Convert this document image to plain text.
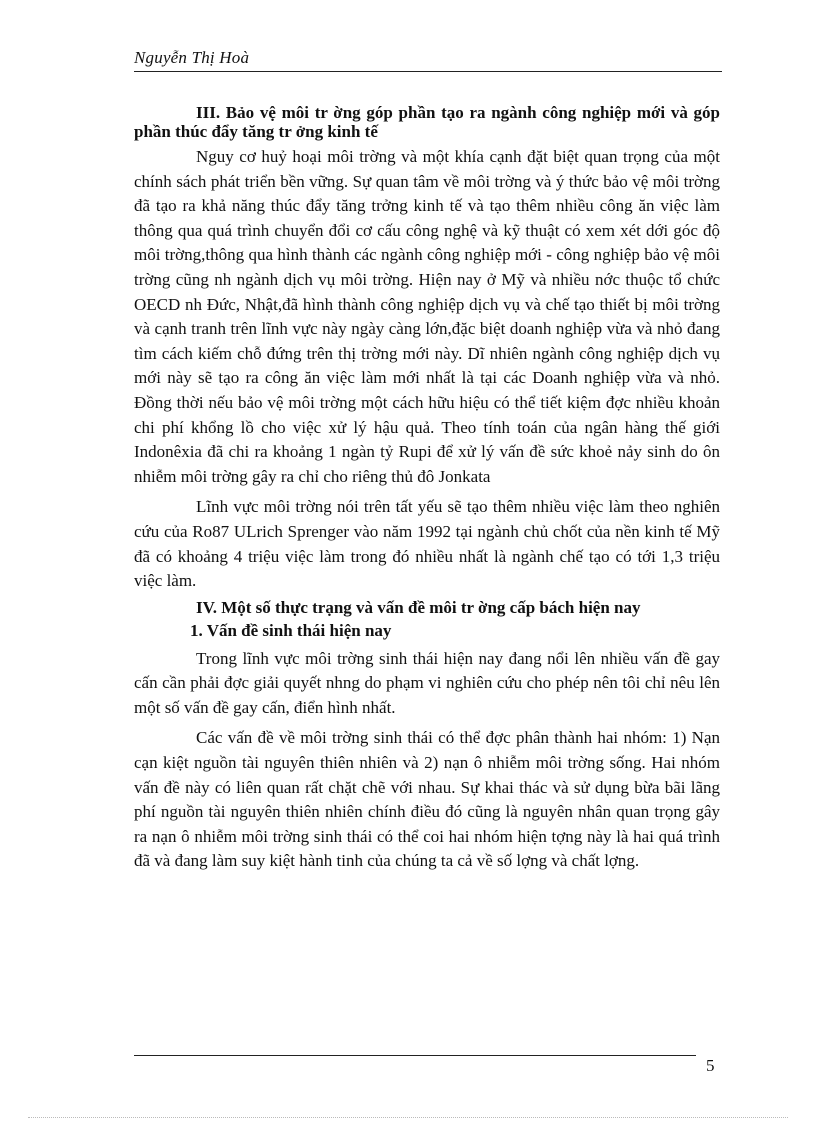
Nguyễn Thị Hoà
III. Bảo vệ môi tr ờng góp phần tạo ra ngành công nghiệp mới và góp phần thúc đẩy tăng tr ởng kinh tế

Nguy cơ huỷ hoại môi trờng và một khía cạnh đặt biệt quan trọng của một chính sách phát triển bền vững. Sự quan tâm về môi trờng và ý thức bảo vệ môi trờng đã tạo ra khả năng thúc đẩy tăng trởng kinh tế và tạo thêm nhiều công ăn việc làm thông qua quá trình chuyển đổi cơ cấu công nghệ và kỹ thuật có xem xét dới góc độ môi trờng,thông qua hình thành các ngành công nghiệp mới - công nghiệp bảo vệ môi trờng cũng nh ngành dịch vụ môi trờng. Hiện nay ở Mỹ và nhiều nớc thuộc tổ chức OECD nh Đức, Nhật,đã hình thành công nghiệp dịch vụ và chế tạo thiết bị môi trờng và cạnh tranh trên lĩnh vực này ngày càng lớn,đặc biệt doanh nghiệp vừa và nhỏ đang tìm cách kiếm chỗ đứng trên thị trờng mới này. Dĩ nhiên ngành công nghiệp dịch vụ mới này sẽ tạo ra công ăn việc làm mới nhất là tại các Doanh nghiệp vừa và nhỏ. Đồng thời nếu bảo vệ môi trờng một cách hữu hiệu có thể tiết kiệm đợc nhiều khoản chi phí khổng lồ cho việc xử lý hậu quả. Theo tính toán của ngân hàng thế giới Indonêxia đã chi ra khoảng 1 ngàn tỷ Rupi để xử lý vấn đề sức khoẻ nảy sinh do ôn nhiễm môi trờng gây ra chỉ cho riêng thủ đô Jonkata

Lĩnh vực môi trờng nói trên tất yếu sẽ tạo thêm nhiều việc làm theo nghiên cứu của Ro87 ULrich Sprenger vào năm 1992 tại ngành chủ chốt của nền kinh tế Mỹ đã có khoảng 4 triệu việc làm trong đó nhiều nhất là ngành chế tạo có tới 1,3 triệu việc làm.

IV. Một số thực trạng và vấn đề môi tr ờng cấp bách hiện nay
1. Vấn đề sinh thái hiện nay

Trong lĩnh vực môi trờng sinh thái hiện nay đang nổi lên nhiều vấn đề gay cấn cần phải đợc giải quyết nhng do phạm vi nghiên cứu cho phép nên tôi chỉ nêu lên một số vấn đề gay cấn, điển hình nhất.

Các vấn đề về môi trờng sinh thái có thể đợc phân thành hai nhóm: 1) Nạn cạn kiệt nguồn tài nguyên thiên nhiên và 2) nạn ô nhiễm môi trờng sống. Hai nhóm vấn đề này có liên quan rất chặt chẽ với nhau. Sự khai thác và sử dụng bừa bãi lãng phí nguồn tài nguyên thiên nhiên chính điều đó cũng là nguyên nhân quan trọng gây ra nạn ô nhiễm môi trờng sinh thái có thể coi hai nhóm hiện tợng này là hai quá trình đã và đang làm suy kiệt hành tinh của chúng ta cả về số lợng và chất lợng.

5
